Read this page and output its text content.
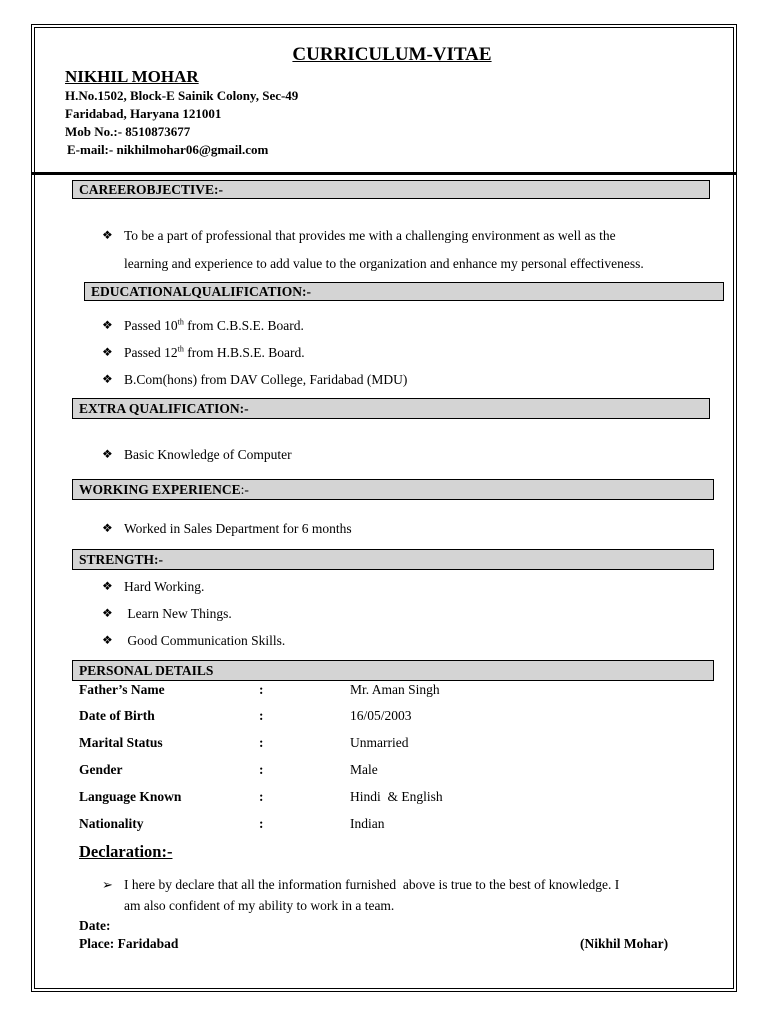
CURRICULUM-VITAE
NIKHIL MOHAR
H.No.1502, Block-E Sainik Colony, Sec-49
Faridabad, Haryana 121001
Mob No.:- 8510873677
E-mail:- nikhilmohar06@gmail.com
CAREEROBJECTIVE:-
❖ To be a part of professional that provides me with a challenging environment as well as the
learning and experience to add value to the organization and enhance my personal effectiveness.
EDUCATIONALQUALIFICATION:-
❖ Passed 10th from C.B.S.E. Board.
❖ Passed 12th from H.B.S.E. Board.
❖ B.Com(hons) from DAV College, Faridabad (MDU)
EXTRA QUALIFICATION:-
❖ Basic Knowledge of Computer
WORKING EXPERIENCE:-
❖ Worked in Sales Department for 6 months
STRENGTH:-
❖ Hard Working.
❖ Learn New Things.
❖ Good Communication Skills.
PERSONAL DETAILS
Father’s Name	:	Mr. Aman Singh
Date of Birth	:	16/05/2003
Marital Status	:	Unmarried
Gender	:	Male
Language Known	:	Hindi  & English
Nationality	:	Indian
Declaration:-
➢ I here by declare that all the information furnished  above is true to the best of knowledge. I
am also confident of my ability to work in a team.
Date:
Place: Faridabad	(Nikhil Mohar)
